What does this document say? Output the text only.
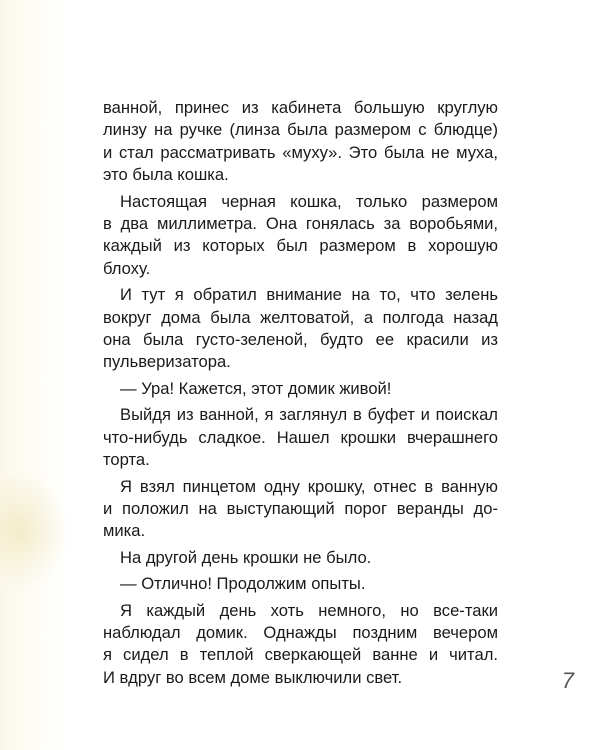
ванной, принес из кабинета большую круглую
линзу на ручке (линза была размером с блюдце)
и стал рассматривать «муху». Это была не муха,
это была кошка.

Настоящая черная кошка, только размером
в два миллиметра. Она гонялась за воробьями,
каждый из которых был размером в хорошую
блоху.

И тут я обратил внимание на то, что зелень
вокруг дома была желтоватой, а полгода назад
она была густо-зеленой, будто ее красили из
пульверизатора.

— Ура! Кажется, этот домик живой!

Выйдя из ванной, я заглянул в буфет и поискал
что-нибудь сладкое. Нашел крошки вчерашнего
торта.

Я взял пинцетом одну крошку, отнес в ванную
и положил на выступающий порог веранды до-
мика.

На другой день крошки не было.

— Отлично! Продолжим опыты.

Я каждый день хоть немного, но все-таки
наблюдал домик. Однажды поздним вечером
я сидел в теплой сверкающей ванне и читал.
И вдруг во всем доме выключили свет.	7
